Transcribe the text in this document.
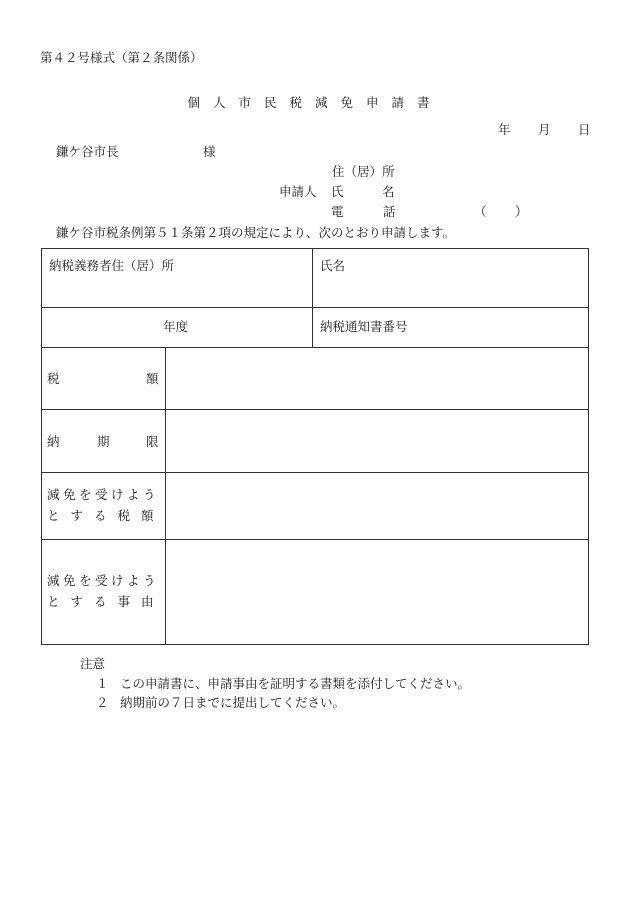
第４２号様式（第２条関係）
個人市民税減免申請書
年 月 日
鎌ケ谷市長	様
住（居）所
申請人 氏	名
電	話	（ ）
鎌ケ谷市税条例第５１条第２項の規定により、次のとおり申請します。
納税義務者住（居）所	氏名
年度	納税通知書番号
税	額
納	期	限
減免を受けよう
とする税額
減免を受けよう
とする事由
注意
１ この申請書に、申請事由を証明する書類を添付してください。
２ 納期前の７日までに提出してください。
